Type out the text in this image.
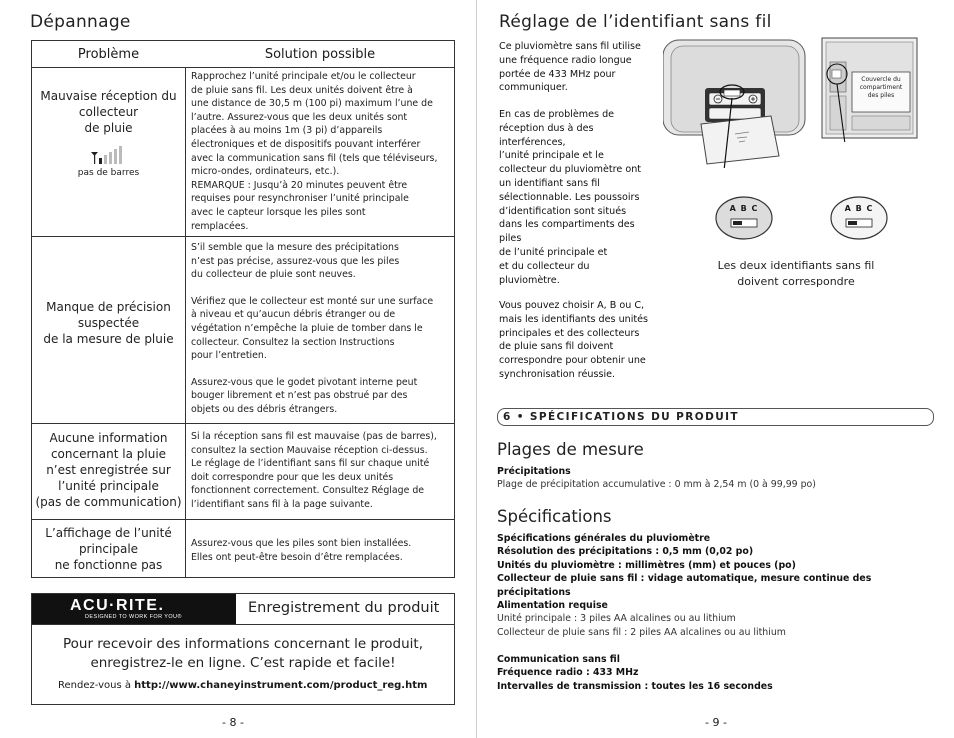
Dépannage
Problème	Solution possible
Mauvaise réception du
collecteur
de pluie
pas de barres

Rapprochez l’unité principale et/ou le collecteur

de pluie sans fil. Les deux unités doivent être à

une distance de 30,5 m (100 pi) maximum l’une de

l’autre. Assurez-vous que les deux unités sont

placées à au moins 1m (3 pi) d’appareils

électroniques et de dispositifs pouvant interférer

avec la communication sans fil (tels que téléviseurs,

micro-ondes, ordinateurs, etc.).

REMARQUE : Jusqu’à 20 minutes peuvent être

requises pour resynchroniser l’unité principale

avec le capteur lorsque les piles sont

remplacées.

Manque de précision
suspectée
de la mesure de pluie

S’il semble que la mesure des précipitations

n’est pas précise, assurez-vous que les piles

du collecteur de pluie sont neuves.

Vérifiez que le collecteur est monté sur une surface

à niveau et qu’aucun débris étranger ou de

végétation n’empêche la pluie de tomber dans le

collecteur. Consultez la section Instructions

pour l’entretien.

Assurez-vous que le godet pivotant interne peut

bouger librement et n’est pas obstrué par des

objets ou des débris étrangers.

Aucune information
concernant la pluie
n’est enregistrée sur
l’unité principale
(pas de communication)

Si la réception sans fil est mauvaise (pas de barres),

consultez la section Mauvaise réception ci-dessus.

Le réglage de l’identifiant sans fil sur chaque unité

doit correspondre pour que les deux unités

fonctionnent correctement. Consultez Réglage de

l’identifiant sans fil à la page suivante.

L’affichage de l’unité
principale
ne fonctionne pas

Assurez-vous que les piles sont bien installées.

Elles ont peut-être besoin d’être remplacées.

ACU·RITE.
DESIGNED TO WORK FOR YOU®
Enregistrement du produit
Pour recevoir des informations concernant le produit,
enregistrez-le en ligne. C’est rapide et facile!
Rendez-vous à http://www.chaneyinstrument.com/product_reg.htm
- 8 -
Réglage de l’identifiant sans fil

Ce pluviomètre sans fil utilise

une fréquence radio longue

portée de 433 MHz pour

communiquer.

En cas de problèmes de

réception dus à des

interférences,

l’unité principale et le

collecteur du pluviomètre ont

un identifiant sans fil

sélectionnable. Les poussoirs

d’identification sont situés

dans les compartiments des

piles

de l’unité principale et

et du collecteur du

pluviomètre.

Vous pouvez choisir A, B ou C,

mais les identifiants des unités

principales et des collecteurs

de pluie sans fil doivent

correspondre pour obtenir une

synchronisation réussie.

Couvercle du
compartiment
des piles
A B C	A B C
Les deux identifiants sans fil
doivent correspondre
6 • SPÉCIFICATIONS DU PRODUIT
Plages de mesure
Précipitations
Plage de précipitation accumulative : 0 mm à 2,54 m (0 à 99,99 po)
Spécifications
Spécifications générales du pluviomètre
Résolution des précipitations : 0,5 mm (0,02 po)
Unités du pluviomètre : millimètres (mm) et pouces (po)
Collecteur de pluie sans fil : vidage automatique, mesure continue des précipitations
Alimentation requise
Unité principale : 3 piles AA alcalines ou au lithium
Collecteur de pluie sans fil : 2 piles AA alcalines ou au lithium
Communication sans fil
Fréquence radio : 433 MHz
Intervalles de transmission : toutes les 16 secondes
- 9 -
